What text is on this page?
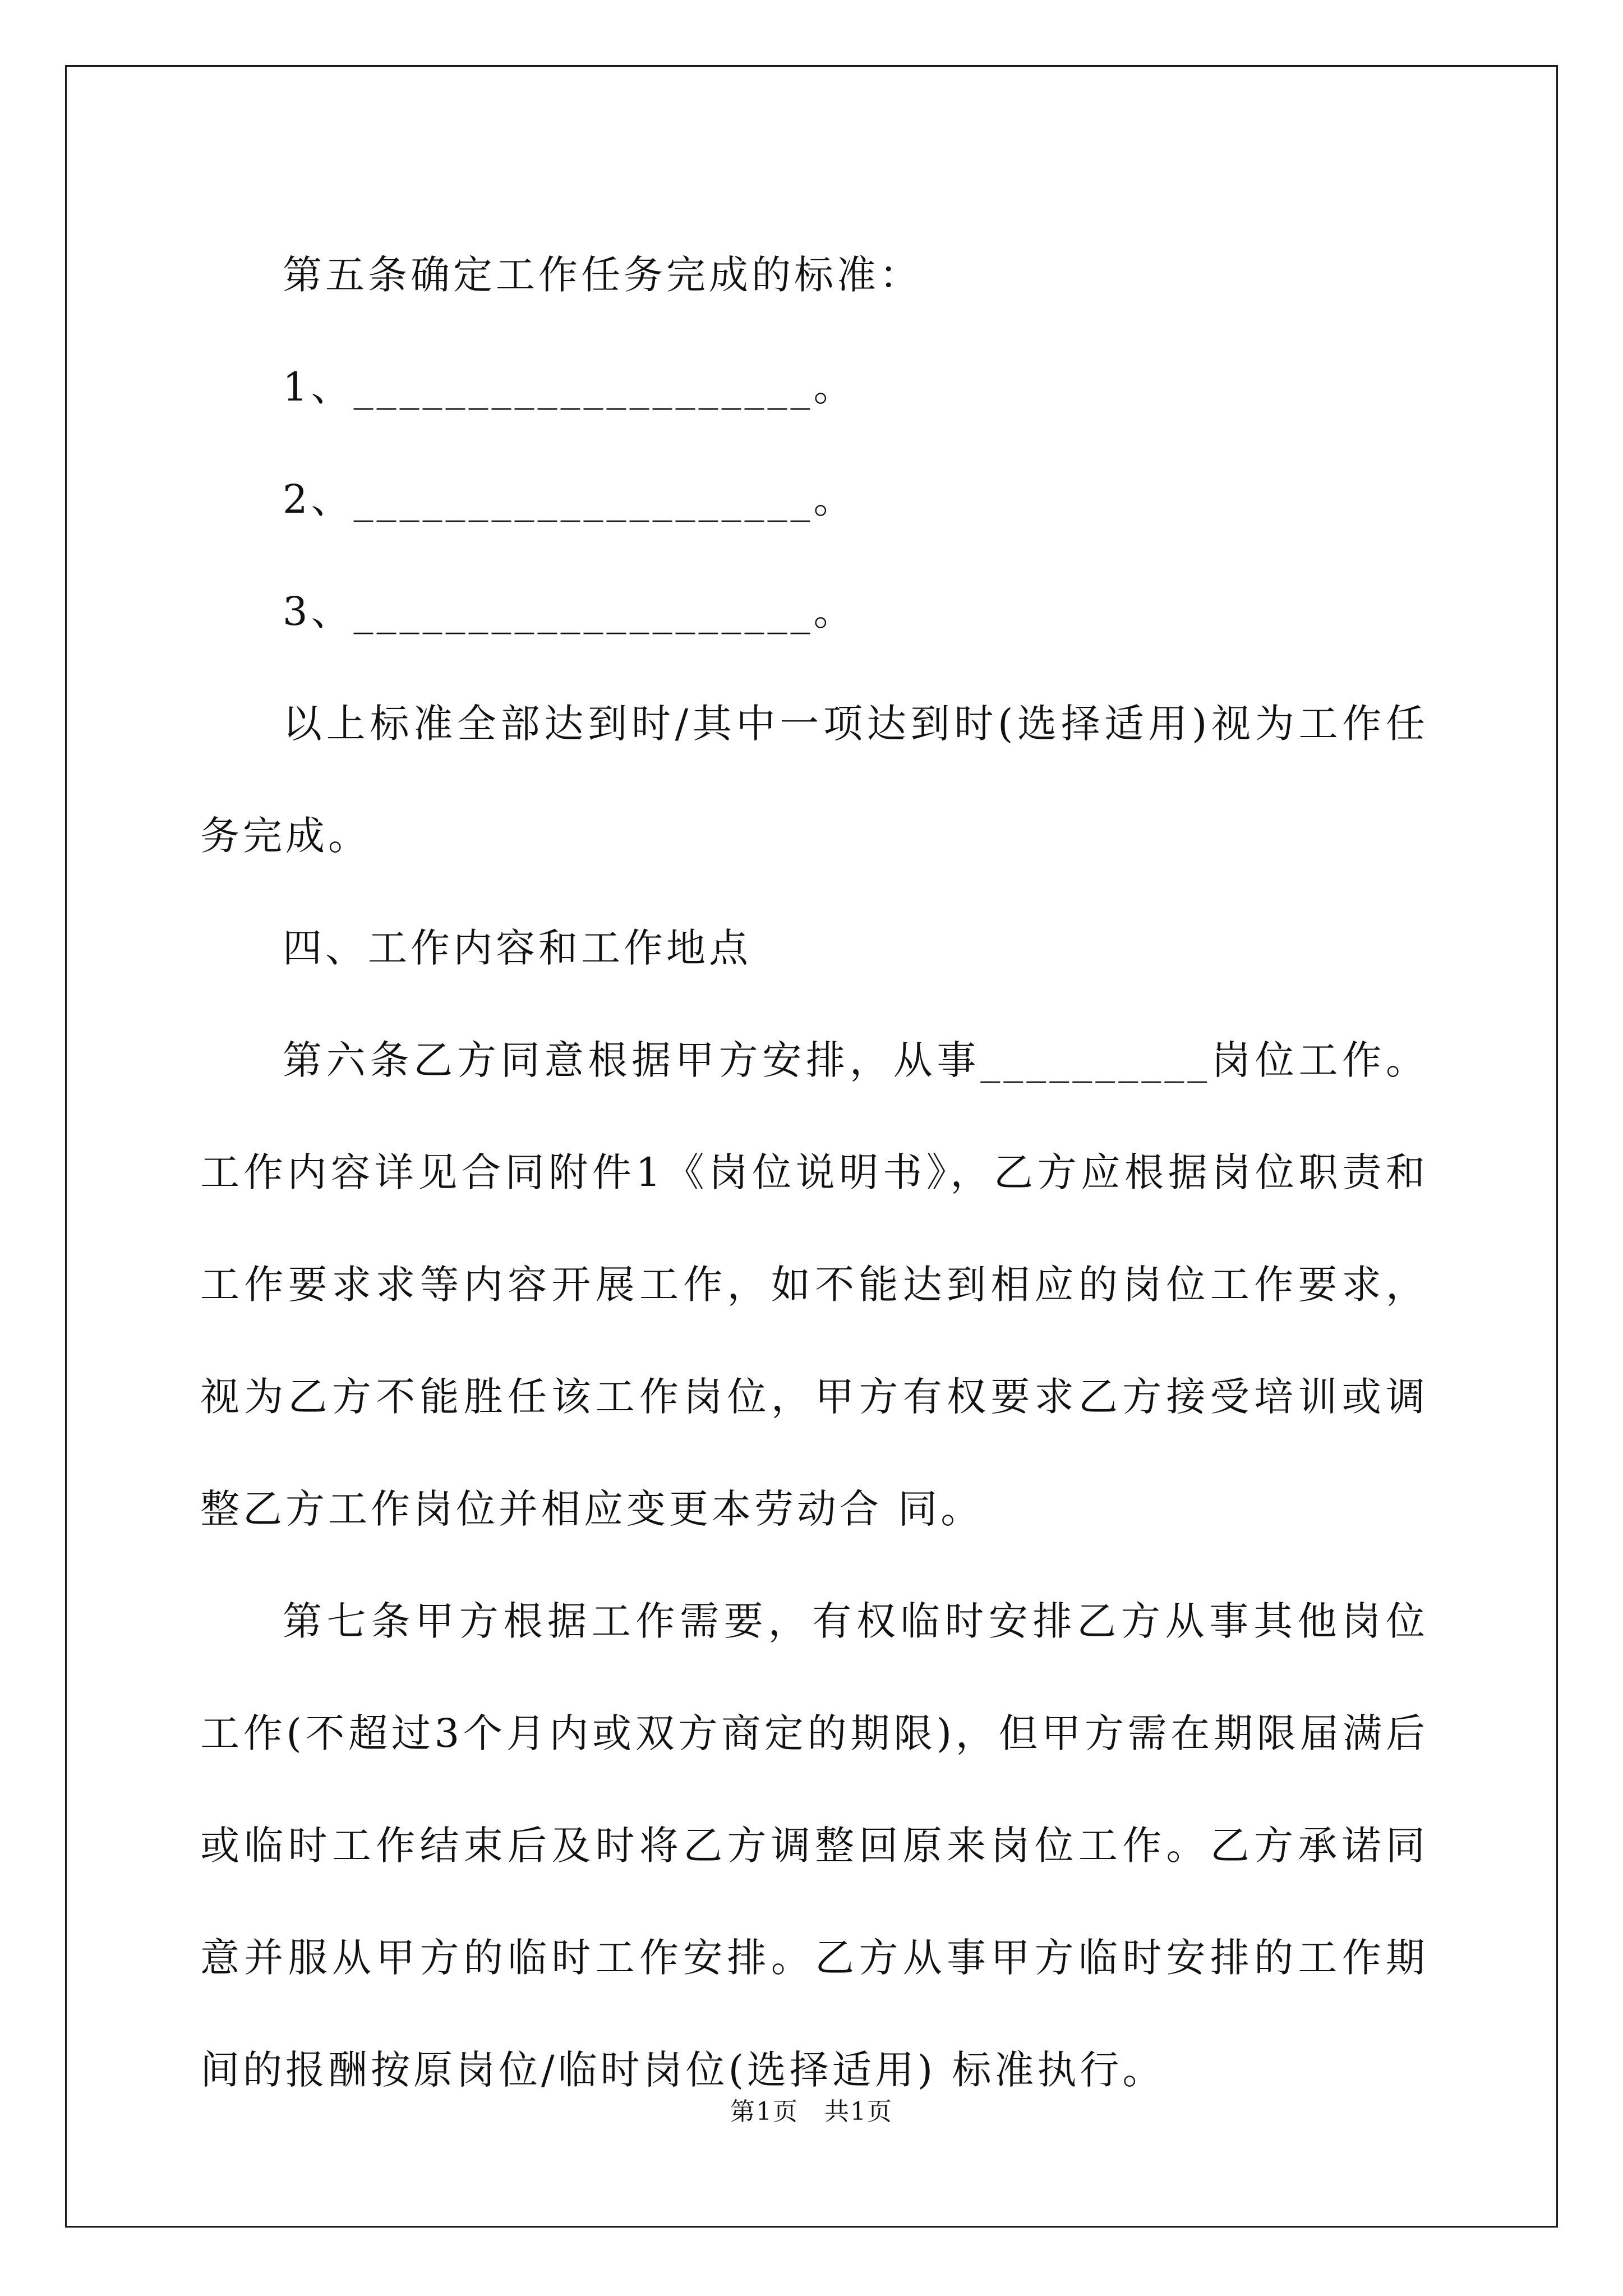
第五条确定工作任务完成的标准：

1、____________________。

2、____________________。

3、____________________。

以上标准全部达到时/其中一项达到时(选择适用)视为工作任务完成。

四、工作内容和工作地点

第六条乙方同意根据甲方安排，从事__________岗位工作。工作内容详见合同附件1《岗位说明书》，乙方应根据岗位职责和 工作要求求等内容开展工作，如不能达到相应的岗位工作要求，视为乙方不能胜任该工作岗位，甲方有权要求乙方接受培训或调整乙方工作岗位并相应变更本劳动合 同。

第七条甲方根据工作需要，有权临时安排乙方从事其他岗位工作(不超过3个月内或双方商定的期限)，但甲方需在期限届满后或临时工作结束后及时将乙方调整回原来岗位工作。乙方承诺同意并服从甲方的临时工作安排。乙方从事甲方临时安排的工作期间的报酬按原岗位/临时岗位(选择适用) 标准执行。

第1页　共1页
